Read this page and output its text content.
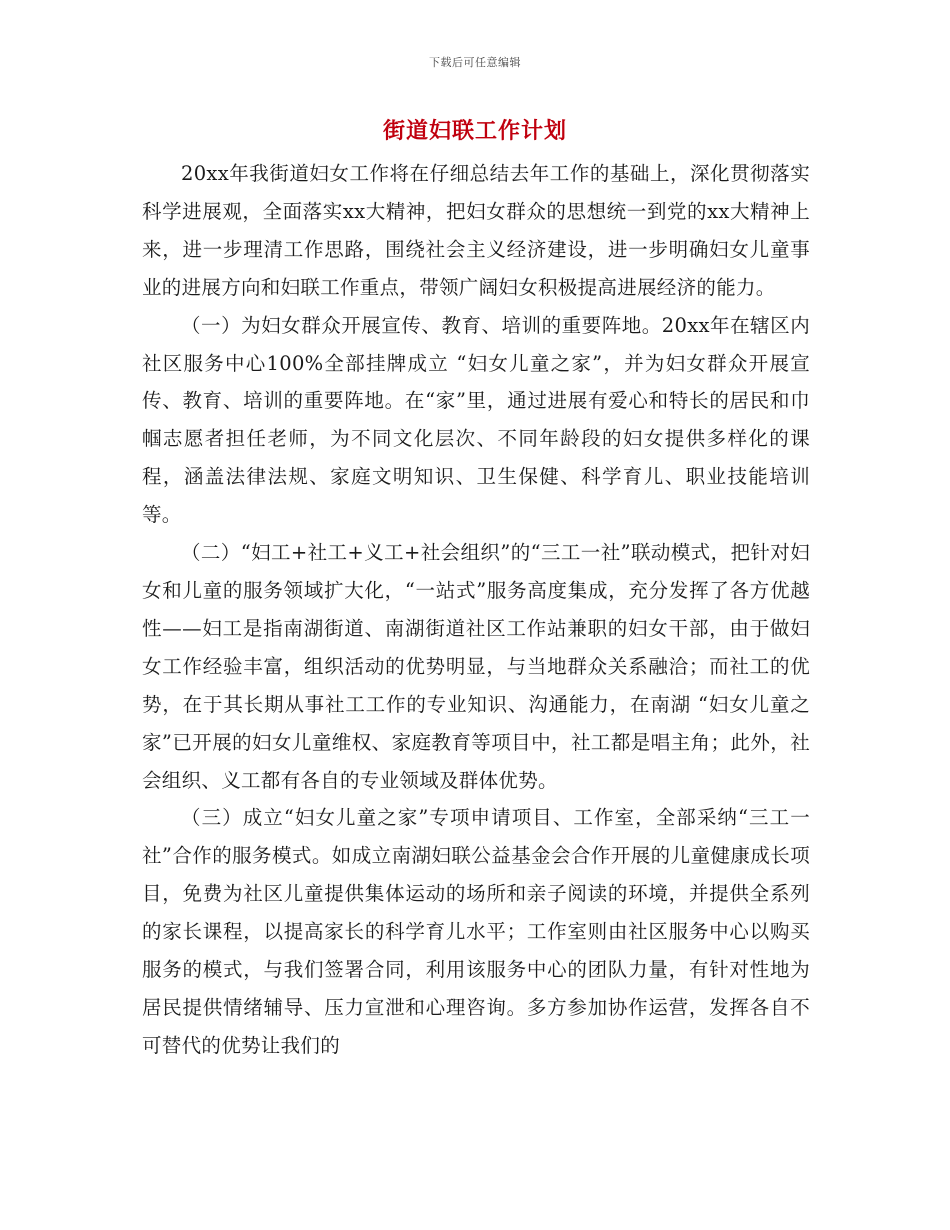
下载后可任意编辑
街道妇联工作计划

20xx年我街道妇女工作将在仔细总结去年工作的基础上，深化贯彻落实科学进展观，全面落实xx大精神，把妇女群众的思想统一到党的xx大精神上来，进一步理清工作思路，围绕社会主义经济建设，进一步明确妇女儿童事业的进展方向和妇联工作重点，带领广阔妇女积极提高进展经济的能力。

（一）为妇女群众开展宣传、教育、培训的重要阵地。20xx年在辖区内社区服务中心100%全部挂牌成立 “妇女儿童之家”，并为妇女群众开展宣传、教育、培训的重要阵地。在“家”里，通过进展有爱心和特长的居民和巾帼志愿者担任老师，为不同文化层次、不同年龄段的妇女提供多样化的课程，涵盖法律法规、家庭文明知识、卫生保健、科学育儿、职业技能培训等。

（二）“妇工+社工+义工+社会组织”的“三工一社”联动模式，把针对妇女和儿童的服务领域扩大化，“一站式”服务高度集成，充分发挥了各方优越性——妇工是指南湖街道、南湖街道社区工作站兼职的妇女干部，由于做妇女工作经验丰富，组织活动的优势明显，与当地群众关系融洽；而社工的优势，在于其长期从事社工工作的专业知识、沟通能力，在南湖 “妇女儿童之家”已开展的妇女儿童维权、家庭教育等项目中，社工都是唱主角；此外，社会组织、义工都有各自的专业领域及群体优势。

（三）成立“妇女儿童之家”专项申请项目、工作室，全部采纳“三工一社”合作的服务模式。如成立南湖妇联公益基金会合作开展的儿童健康成长项目，免费为社区儿童提供集体运动的场所和亲子阅读的环境，并提供全系列的家长课程，以提高家长的科学育儿水平；工作室则由社区服务中心以购买服务的模式，与我们签署合同，利用该服务中心的团队力量，有针对性地为居民提供情绪辅导、压力宣泄和心理咨询。多方参加协作运营，发挥各自不可替代的优势让我们的
